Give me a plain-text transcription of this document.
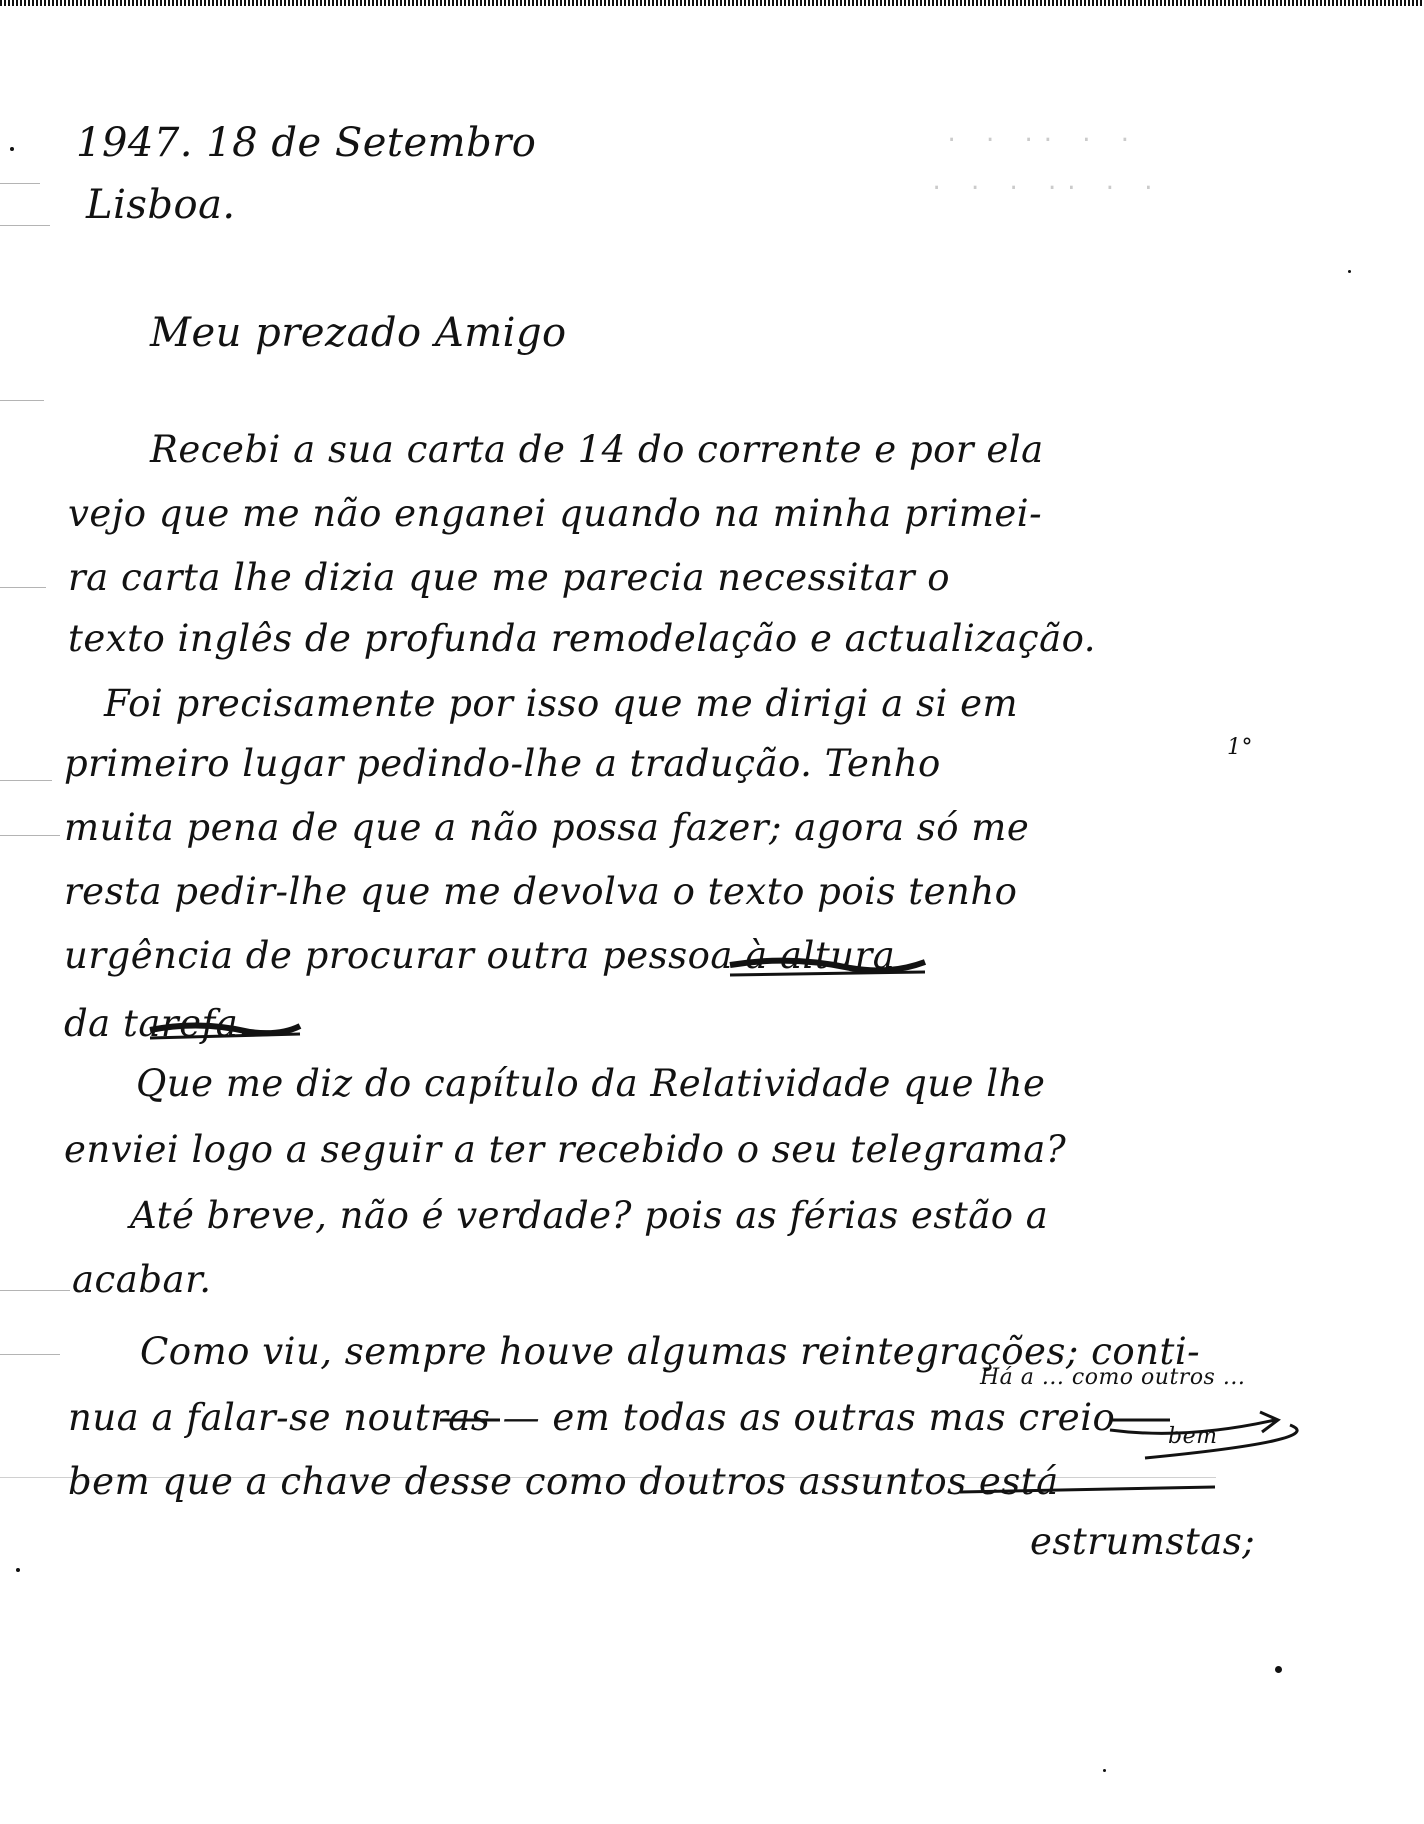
· · ·· · ·
· · · ·· · ·
1947. 18 de Setembro
Lisboa.
Meu prezado Amigo
Recebi a sua carta de 14 do corrente e por ela
vejo que me não enganei quando na minha primei-
ra carta lhe dizia que me parecia necessitar o
texto inglês de profunda remodelação e actualização.
Foi precisamente por isso que me dirigi a si em
primeiro lugar pedindo-lhe a tradução. Tenho	1°
muita pena de que a não possa fazer; agora só me
resta pedir-lhe que me devolva o texto pois tenho
urgência de procurar outra pessoa à altura
da tarefa.
Que me diz do capítulo da Relatividade que lhe
enviei logo a seguir a ter recebido o seu telegrama?
Até breve, não é verdade? pois as férias estão a
acabar.
Como viu, sempre houve algumas reintegrações; conti-
Há a ... como outros ...
nua a falar-se noutras — em todas as outras mas creio bem
bem que a chave desse como doutros assuntos está
estrumstas;
